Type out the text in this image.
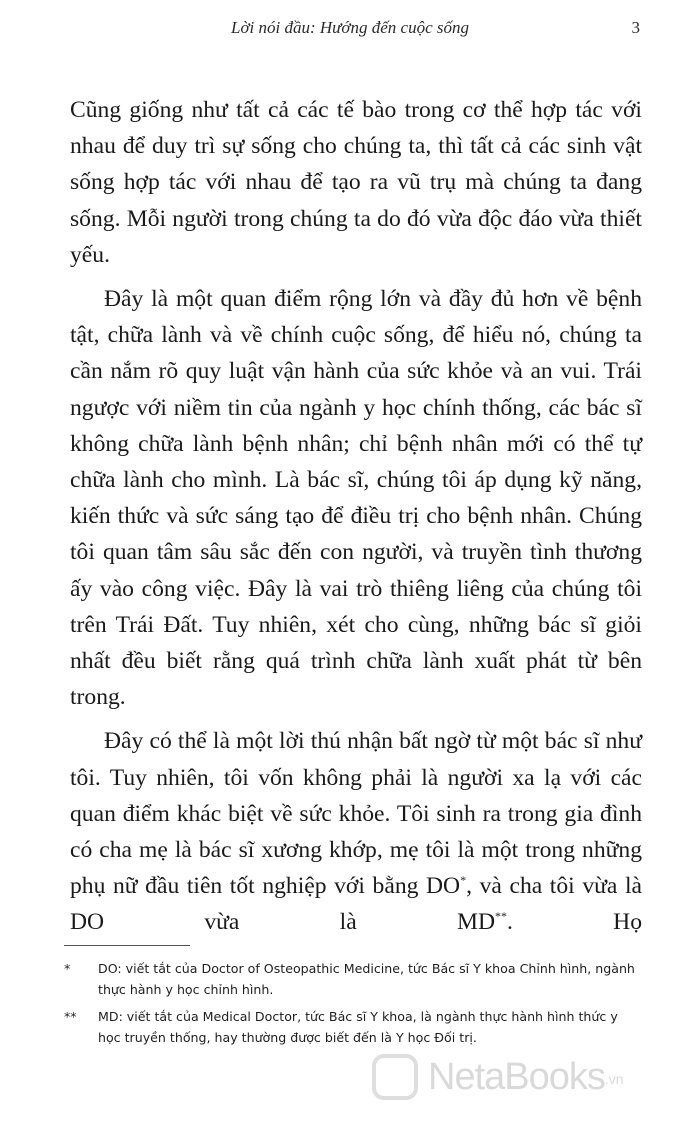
Lời nói đầu: Hướng đến cuộc sống	3

Cũng giống như tất cả các tế bào trong cơ thể hợp tác với nhau để duy trì sự sống cho chúng ta, thì tất cả các sinh vật sống hợp tác với nhau để tạo ra vũ trụ mà chúng ta đang sống. Mỗi người trong chúng ta do đó vừa độc đáo vừa thiết yếu.

Đây là một quan điểm rộng lớn và đầy đủ hơn về bệnh tật, chữa lành và về chính cuộc sống, để hiểu nó, chúng ta cần nắm rõ quy luật vận hành của sức khỏe và an vui. Trái ngược với niềm tin của ngành y học chính thống, các bác sĩ không chữa lành bệnh nhân; chỉ bệnh nhân mới có thể tự chữa lành cho mình. Là bác sĩ, chúng tôi áp dụng kỹ năng, kiến thức và sức sáng tạo để điều trị cho bệnh nhân. Chúng tôi quan tâm sâu sắc đến con người, và truyền tình thương ấy vào công việc. Đây là vai trò thiêng liêng của chúng tôi trên Trái Đất. Tuy nhiên, xét cho cùng, những bác sĩ giỏi nhất đều biết rằng quá trình chữa lành xuất phát từ bên trong.

Đây có thể là một lời thú nhận bất ngờ từ một bác sĩ như tôi. Tuy nhiên, tôi vốn không phải là người xa lạ với các quan điểm khác biệt về sức khỏe. Tôi sinh ra trong gia đình có cha mẹ là bác sĩ xương khớp, mẹ tôi là một trong những phụ nữ đầu tiên tốt nghiệp với bằng DO*, và cha tôi vừa là DO vừa là MD**. Họ

* DO: viết tắt của Doctor of Osteopathic Medicine, tức Bác sĩ Y khoa Chỉnh hình, ngành thực hành y học chỉnh hình.
** MD: viết tắt của Medical Doctor, tức Bác sĩ Y khoa, là ngành thực hành hình thức y học truyền thống, hay thường được biết đến là Y học Đối trị.
NetaBooks.vn
